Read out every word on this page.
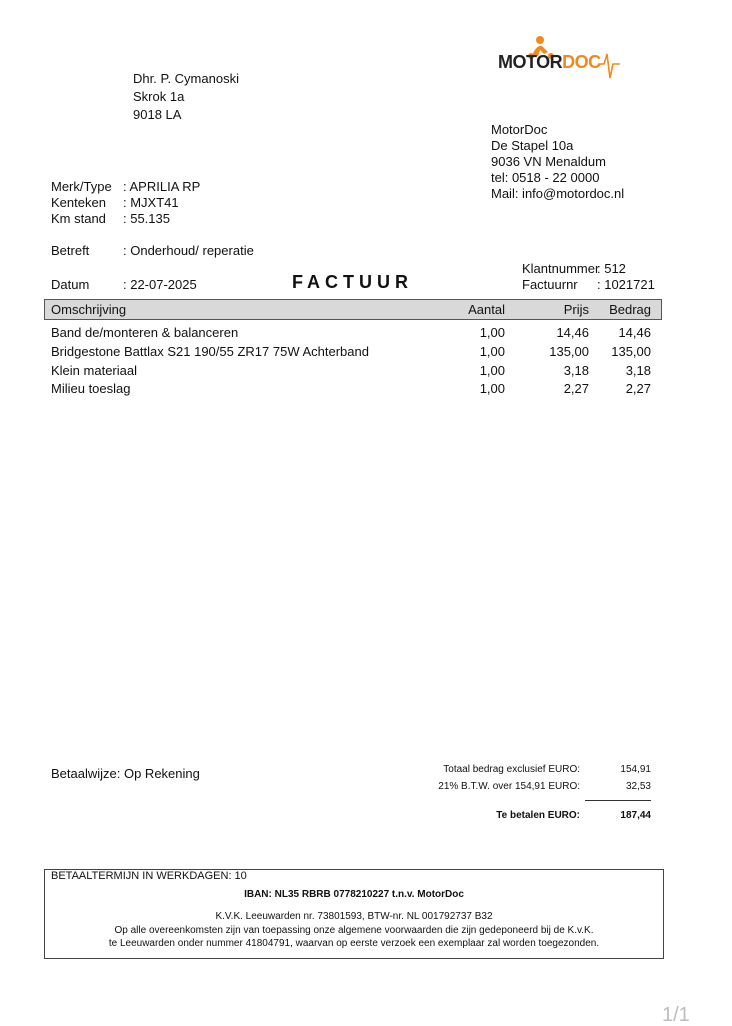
MOTORDOC
Dhr. P. Cymanoski
Skrok 1a
9018 LA
MotorDoc
De Stapel 10a
9036 VN Menaldum
tel: 0518 - 22 0000
Mail: info@motordoc.nl
Merk/Type : APRILIA RP
Kenteken : MJXT41
Km stand : 55.135
Betreft	: Onderhoud/ reperatie
Datum	: 22-07-2025	FACTUUR
Klantnummer
: 512
Factuurnr : 1021721
Omschrijving	Aantal	Prijs	Bedrag
Band de/monteren & balanceren	1,00	14,46	14,46
Bridgestone Battlax S21 190/55 ZR17 75W Achterband	1,00	135,00	135,00
Klein materiaal	1,00	3,18	3,18
Milieu toeslag	1,00	2,27	2,27
Betaalwijze: Op Rekening	Totaal bedrag exclusief EURO:	154,91
21% B.T.W. over 154,91 EURO:	32,53
Te betalen EURO:	187,44
BETAALTERMIJN IN WERKDAGEN: 10
IBAN: NL35 RBRB 0778210227 t.n.v. MotorDoc
K.V.K. Leeuwarden nr. 73801593, BTW-nr. NL 001792737 B32
Op alle overeenkomsten zijn van toepassing onze algemene voorwaarden die zijn gedeponeerd bij de K.v.K.
te Leeuwarden onder nummer 41804791, waarvan op eerste verzoek een exemplaar zal worden toegezonden.
1/1
